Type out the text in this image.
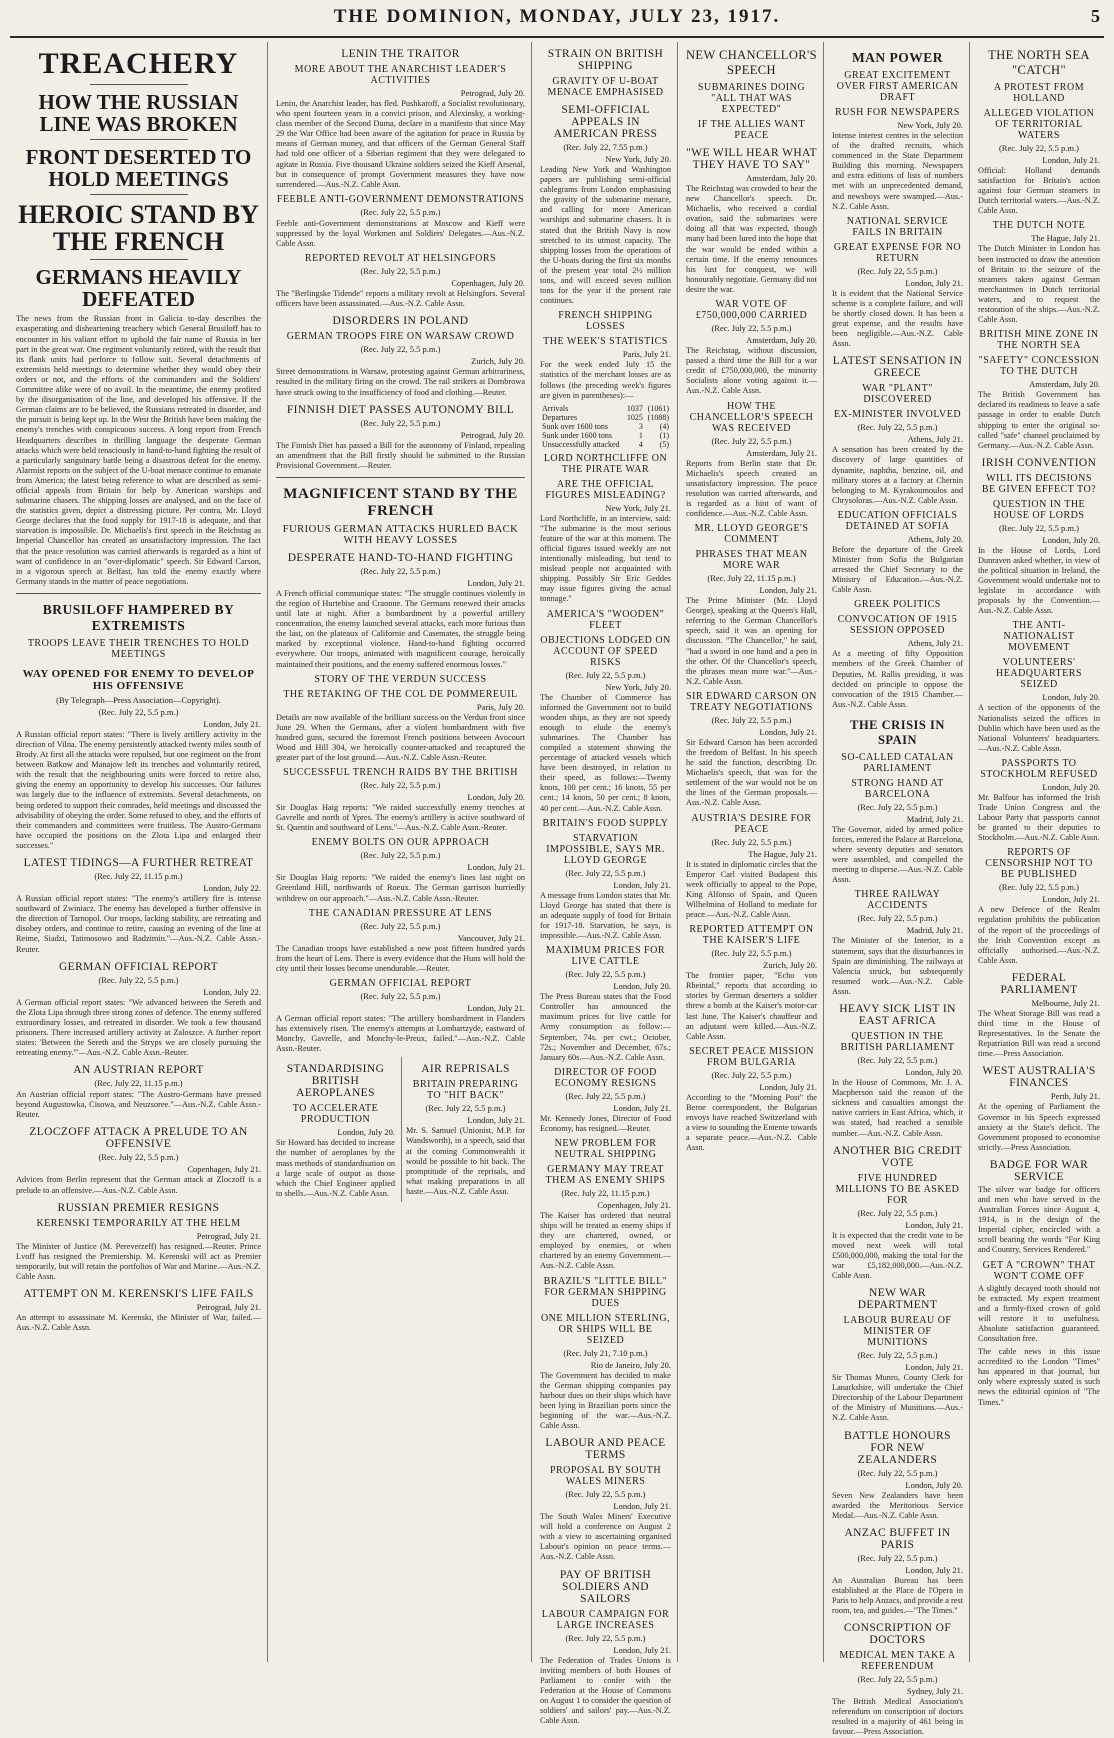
THE DOMINION, MONDAY, JULY 23, 1917.	5
TREACHERY
HOW THE RUSSIAN LINE WAS BROKEN
FRONT DESERTED TO HOLD MEETINGS
HEROIC STAND BY THE FRENCH
GERMANS HEAVILY DEFEATED

The news from the Russian front in Galicia to-day describes the exasperating and disheartening treachery which General Brusiloff has to encounter in his valiant effort to uphold the fair name of Russia in her part in the great war. One regiment voluntarily retired, with the result that its flank units had perforce to follow suit. Several detachments of extremists held meetings to determine whether they would obey their orders or not, and the efforts of the commanders and the Soldiers' Committee alike were of no avail. In the meantime, the enemy profited by the disorganisation of the line, and developed his offensive. If the German claims are to be believed, the Russians retreated in disorder, and the pursuit is being kept up. In the West the British have been making the enemy's trenches with conspicuous success. A long report from French Headquarters describes in thrilling language the desperate German attacks which were held tenaciously in hand-to-hand fighting the result of a particularly sanguinary battle being a disastrous defeat for the enemy. Alarmist reports on the subject of the U-boat menace continue to emanate from America; the latest being reference to what are described as semi-official appeals from Britain for help by American warships and submarine chasers. The shipping losses are analysed, and on the face of the statistics given, depict a distressing picture. Per contra, Mr. Lloyd George declares that the food supply for 1917-18 is adequate, and that starvation is impossible. Dr. Michaelis's first speech in the Reichstag as Imperial Chancellor has created an unsatisfactory impression. The fact that the peace resolution was carried afterwards is regarded as a hint of want of confidence in an "over-diplomatic" speech. Sir Edward Carson, in a vigorous speech at Belfast, has told the enemy exactly where Germany stands in the matter of peace negotiations.

BRUSILOFF HAMPERED BY EXTREMISTS
TROOPS LEAVE THEIR TRENCHES TO HOLD MEETINGS
WAY OPENED FOR ENEMY TO DEVELOP HIS OFFENSIVE
(By Telegraph—Press Association—Copyright).
(Rec. July 22, 5.5 p.m.)
London, July 21.

A Russian official report states: "There is lively artillery activity in the direction of Vilna. The enemy persistently attacked twenty miles south of Brody. At first all the attacks were repulsed, but one regiment on the front between Batkow and Manajow left its trenches and voluntarily retired, with the result that the neighbouring units were forced to retire also, giving the enemy an opportunity to develop his successes. Our failures was largely due to the influence of extremists. Several detachments, on being ordered to support their comrades, held meetings and discussed the advisability of obeying the order. Some refused to obey, and the efforts of their commanders and committees were fruitless. The Austro-Germans have occupied the positions on the Zlota Lipa and enlarged their successes."

LATEST TIDINGS—A FURTHER RETREAT
(Rec. July 22, 11.15 p.m.)
London, July 22.

A Russian official report states: "The enemy's artillery fire is intense southward of Zwiniacz. The enemy has developed a further offensive in the direction of Tarnopol. Our troops, lacking stability, are retreating and disobey orders, and continue to retire, causing an evening of the line at Reime, Siadzi, Tatimosowo and Radzimin."—Aus.-N.Z. Cable Assn.-Reuter.

GERMAN OFFICIAL REPORT
(Rec. July 22, 5.5 p.m.)
London, July 22.

A German official report states: "We advanced between the Sereth and the Zlota Lipa through three strong zones of defence. The enemy suffered extraordinary losses, and retreated in disorder. We took a few thousand prisoners. There increased artillery activity at Zaloszce. A further report states: 'Between the Sereth and the Stryps we are closely pursuing the retreating enemy.'"—Aus.-N.Z. Cable Assn.-Reuter.

AN AUSTRIAN REPORT
(Rec. July 22, 11.15 p.m.)

An Austrian official report states: "The Austro-Germans have pressed beyond Augustowka, Cisowa, and Neuzsoree."—Aus.-N.Z. Cable Assn.-Reuter.

ZLOCZOFF ATTACK A PRELUDE TO AN OFFENSIVE
(Rec. July 22, 5.5 p.m.)
Copenhagen, July 21.

Advices from Berlin represent that the German attack at Zloczoff is a prelude to an offensive.—Aus.-N.Z. Cable Assn.

RUSSIAN PREMIER RESIGNS
KERENSKI TEMPORARILY AT THE HELM
Petrograd, July 21.

The Minister of Justice (M. Pereverzeff) has resigned.—Reuter. Prince Lvoff has resigned the Premiership. M. Kerenski will act as Premier temporarily, but will retain the portfolios of War and Marine.—Aus.-N.Z. Cable Assn.

ATTEMPT ON M. KERENSKI'S LIFE FAILS
Petrograd, July 21.

An attempt to assassinate M. Kerenski, the Minister of War, failed.—Aus.-N.Z. Cable Assn.

LENIN THE TRAITOR
MORE ABOUT THE ANARCHIST LEADER'S ACTIVITIES
Petrograd, July 20.

Lenin, the Anarchist leader, has fled. Pushkaroff, a Socialist revolutionary, who spent fourteen years in a convict prison, and Alexinsky, a working-class member of the Second Duma, declare in a manifesto that since May 29 the War Office had been aware of the agitation for peace in Russia by means of German money, and that officers of the German General Staff had told one officer of a Siberian regiment that they were delegated to agitate in Russia. Five thousand Ukraine soldiers seized the Kieff Arsenal, but in consequence of prompt Government measures they have now surrendered.—Aus.-N.Z. Cable Assn.

FEEBLE ANTI-GOVERNMENT DEMONSTRATIONS
(Rec. July 22, 5.5 p.m.)

Feeble anti-Government demonstrations at Moscow and Kieff were suppressed by the loyal Workmen and Soldiers' Delegates.—Aus.-N.Z. Cable Assn.

REPORTED REVOLT AT HELSINGFORS
(Rec. July 22, 5.5 p.m.)
Copenhagen, July 20.

The "Berlingske Tidende" reports a military revolt at Helsingfors. Several officers have been assassinated.—Aus.-N.Z. Cable Assn.

DISORDERS IN POLAND
GERMAN TROOPS FIRE ON WARSAW CROWD
(Rec. July 22, 5.5 p.m.)
Zurich, July 20.

Street demonstrations in Warsaw, protesting against German arbitrariness, resulted in the military firing on the crowd. The rail strikers at Dombrowa have struck owing to the insufficiency of food and clothing.—Reuter.

FINNISH DIET PASSES AUTONOMY BILL
(Rec. July 22, 5.5 p.m.)
Petrograd, July 20.

The Finnish Diet has passed a Bill for the autonomy of Finland, repealing an amendment that the Bill firstly should be submitted to the Russian Provisional Government.—Reuter.

MAGNIFICENT STAND BY THE FRENCH
FURIOUS GERMAN ATTACKS HURLED BACK WITH HEAVY LOSSES
DESPERATE HAND-TO-HAND FIGHTING
(Rec. July 22, 5.5 p.m.)
London, July 21.

A French official communique states: "The struggle continues violently in the region of Hurtebise and Craonne. The Germans renewed their attacks until late at night. After a bombardment by a powerful artillery concentration, the enemy launched several attacks, each more furious than the last, on the plateaux of Californie and Casemates, the struggle being marked by exceptional violence. Hand-to-hand fighting occurred everywhere. Our troops, animated with magnificent courage, heroically maintained their positions, and the enemy suffered enormous losses."

STORY OF THE VERDUN SUCCESS
THE RETAKING OF THE COL DE POMMEREUIL
Paris, July 20.

Details are now available of the brilliant success on the Verdun front since June 29. When the Germans, after a violent bombardment with five hundred guns, secured the foremost French positions between Avocourt Wood and Hill 304, we heroically counter-attacked and recaptured the greater part of the lost ground.—Aus.-N.Z. Cable Assn.-Reuter.

SUCCESSFUL TRENCH RAIDS BY THE BRITISH
(Rec. July 22, 5.5 p.m.)
London, July 20.

Sir Douglas Haig reports: "We raided successfully enemy trenches at Gavrelle and north of Ypres. The enemy's artillery is active southward of St. Quentin and southward of Lens."—Aus.-N.Z. Cable Assn.-Reuter.

ENEMY BOLTS ON OUR APPROACH
(Rec. July 22, 5.5 p.m.)
London, July 21.

Sir Douglas Haig reports: "We raided the enemy's lines last night on Greenland Hill, northwards of Roeux. The German garrison hurriedly withdrew on our approach."—Aus.-N.Z. Cable Assn.-Reuter.

THE CANADIAN PRESSURE AT LENS
(Rec. July 22, 5.5 p.m.)
Vancouver, July 21.

The Canadian troops have established a new post fifteen hundred yards from the heart of Lens. There is every evidence that the Huns will hold the city until their losses become unendurable.—Reuter.

GERMAN OFFICIAL REPORT
(Rec. July 22, 5.5 p.m.)
London, July 21.

A German official report states: "The artillery bombardment in Flanders has extensively risen. The enemy's attempts at Lombartzyde, eastward of Monchy, Gavrelle, and Monchy-le-Preux, failed."—Aus.-N.Z. Cable Assn.-Reuter.

STANDARDISING BRITISH AEROPLANES
TO ACCELERATE PRODUCTION
London, July 20.

Sir Howard has decided to increase the number of aeroplanes by the mass methods of standardisation on a large scale of output as those which the Chief Engineer applied to shells.—Aus.-N.Z. Cable Assn.

AIR REPRISALS
BRITAIN PREPARING TO "HIT BACK"
(Rec. July 22, 5.5 p.m.)
London, July 21.

Mr. S. Samuel (Unionist, M.P. for Wandsworth), in a speech, said that at the coming Commonwealth it would be possible to hit back. The promptitude of the reprisals, and what making preparations in all haste.—Aus.-N.Z. Cable Assn.

STRAIN ON BRITISH SHIPPING
GRAVITY OF U-BOAT MENACE EMPHASISED
SEMI-OFFICIAL APPEALS IN AMERICAN PRESS
(Rec. July 22, 7.55 p.m.)
New York, July 20.

Leading New York and Washington papers are publishing semi-official cablegrams from London emphasising the gravity of the submarine menace, and calling for more American warships and submarine chasers. It is stated that the British Navy is now stretched to its utmost capacity. The shipping losses from the operations of the U-boats during the first six months of the present year total 2½ million tons, and will exceed seven million tons for the year if the present rate continues.

FRENCH SHIPPING LOSSES
THE WEEK'S STATISTICS
Paris, July 21.

For the week ended July 15 the statistics of the merchant losses are as follows (the preceding week's figures are given in parentheses):—

Arrivals	1037	(1061)
Departures	1025	(1088)
Sunk over 1600 tons	3	(4)
Sunk under 1600 tons	1	(1)
Unsuccessfully attacked	4	(5)
LORD NORTHCLIFFE ON THE PIRATE WAR
ARE THE OFFICIAL FIGURES MISLEADING?
New York, July 21.

Lord Northcliffe, in an interview, said: "The submarine is the most serious feature of the war at this moment. The official figures issued weekly are not intentionally misleading, but tend to mislead people not acquainted with shipping. Possibly Sir Eric Geddes may issue figures giving the actual tonnage."

AMERICA'S "WOODEN" FLEET
OBJECTIONS LODGED ON ACCOUNT OF SPEED RISKS
(Rec. July 22, 5.5 p.m.)
New York, July 20.

The Chamber of Commerce has informed the Government not to build wooden ships, as they are not speedy enough to elude the enemy's submarines. The Chamber has compiled a statement showing the percentage of attacked vessels which have been destroyed, in relation to their speed, as follows:—Twenty knots, 100 per cent.; 16 knots, 55 per cent.; 14 knots, 50 per cent.; 8 knots, 40 per cent.—Aus.-N.Z. Cable Assn.

BRITAIN'S FOOD SUPPLY
STARVATION IMPOSSIBLE, SAYS MR. LLOYD GEORGE
(Rec. July 22, 5.5 p.m.)
London, July 21.

A message from London states that Mr. Lloyd George has stated that there is an adequate supply of food for Britain for 1917-18. Starvation, he says, is impossible.—Aus.-N.Z. Cable Assn.

MAXIMUM PRICES FOR LIVE CATTLE
(Rec. July 22, 5.5 p.m.)
London, July 20.

The Press Bureau states that the Food Controller has announced the maximum prices for live cattle for Army consumption as follow:—September, 74s. per cwt.; October, 72s.; November and December, 67s.; January 60s.—Aus.-N.Z. Cable Assn.

DIRECTOR OF FOOD ECONOMY RESIGNS
(Rec. July 22, 5.5 p.m.)
London, July 21.

Mr. Kennedy Jones, Director of Food Economy, has resigned.—Reuter.

NEW PROBLEM FOR NEUTRAL SHIPPING
GERMANY MAY TREAT THEM AS ENEMY SHIPS
(Rec. July 22, 11.15 p.m.)
Copenhagen, July 21.

The Kaiser has ordered that neutral ships will be treated as enemy ships if they are chartered, owned, or employed by enemies, or when chartered by an enemy Government.—Aus.-N.Z. Cable Assn.

BRAZIL'S "LITTLE BILL" FOR GERMAN SHIPPING DUES
ONE MILLION STERLING, OR SHIPS WILL BE SEIZED
(Rec. July 21, 7.10 p.m.)
Rio de Janeiro, July 20.

The Government has decided to make the German shipping companies pay harbour dues on their ships which have been lying in Brazilian ports since the beginning of the war.—Aus.-N.Z. Cable Assn.

LABOUR AND PEACE TERMS
PROPOSAL BY SOUTH WALES MINERS
(Rec. July 22, 5.5 p.m.)
London, July 21.

The South Wales Miners' Executive will hold a conference on August 2 with a view to ascertaining organised Labour's opinion on peace terms.—Aus.-N.Z. Cable Assn.

PAY OF BRITISH SOLDIERS AND SAILORS
LABOUR CAMPAIGN FOR LARGE INCREASES
(Rec. July 22, 5.5 p.m.)
London, July 21.

The Federation of Trades Unions is inviting members of both Houses of Parliament to confer with the Federation at the House of Commons on August 1 to consider the question of soldiers' and sailors' pay.—Aus.-N.Z. Cable Assn.

NEW CHANCELLOR'S SPEECH
SUBMARINES DOING "ALL THAT WAS EXPECTED"
IF THE ALLIES WANT PEACE
"WE WILL HEAR WHAT THEY HAVE TO SAY"
Amsterdam, July 20.

The Reichstag was crowded to hear the new Chancellor's speech. Dr. Michaelis, who received a cordial ovation, said the submarines were doing all that was expected, though many had been lured into the hope that the war would be ended within a certain time. If the enemy renounces his lust for conquest, we will honourably negotiate. Germany did not desire the war.

WAR VOTE OF £750,000,000 CARRIED
(Rec. July 22, 5.5 p.m.)
Amsterdam, July 20.

The Reichstag, without discussion, passed a third time the Bill for a war credit of £750,000,000, the minority Socialists alone voting against it.—Aus.-N.Z. Cable Assn.

HOW THE CHANCELLOR'S SPEECH WAS RECEIVED
(Rec. July 22, 5.5 p.m.)
Amsterdam, July 21.

Reports from Berlin state that Dr. Michaelis's speech created an unsatisfactory impression. The peace resolution was carried afterwards, and is regarded as a hint of want of confidence.—Aus.-N.Z. Cable Assn.

MR. LLOYD GEORGE'S COMMENT
PHRASES THAT MEAN MORE WAR
(Rec. July 22, 11.15 p.m.)
London, July 21.

The Prime Minister (Mr. Lloyd George), speaking at the Queen's Hall, referring to the German Chancellor's speech, said it was an opening for discussion. "The Chancellor," he said, "had a sword in one hand and a pen in the other. Of the Chancellor's speech, the phrases mean more war."—Aus.-N.Z. Cable Assn.

SIR EDWARD CARSON ON TREATY NEGOTIATIONS
(Rec. July 22, 5.5 p.m.)
London, July 21.

Sir Edward Carson has been accorded the freedom of Belfast. In his speech he said the function, describing Dr. Michaelis's speech, that was for the settlement of the war would not be on the lines of the German proposals.—Aus.-N.Z. Cable Assn.

AUSTRIA'S DESIRE FOR PEACE
(Rec. July 22, 5.5 p.m.)
The Hague, July 21.

It is stated in diplomatic circles that the Emperor Carl visited Budapest this week officially to appeal to the Pope, King Alfonso of Spain, and Queen Wilhelmina of Holland to mediate for peace.—Aus.-N.Z. Cable Assn.

REPORTED ATTEMPT ON THE KAISER'S LIFE
(Rec. July 22, 5.5 p.m.)
Zurich, July 20.

The frontier paper, "Echo von Rheintal," reports that according to stories by German deserters a soldier threw a bomb at the Kaiser's motor-car last June. The Kaiser's chauffeur and an adjutant were killed.—Aus.-N.Z. Cable Assn.

SECRET PEACE MISSION FROM BULGARIA
(Rec. July 22, 5.5 p.m.)
London, July 21.

According to the "Morning Post" the Berne correspondent, the Bulgarian envoys have reached Switzerland with a view to sounding the Entente towards a separate peace.—Aus.-N.Z. Cable Assn.

MAN POWER
GREAT EXCITEMENT OVER FIRST AMERICAN DRAFT
RUSH FOR NEWSPAPERS
New York, July 20.

Intense interest centres in the selection of the drafted recruits, which commenced in the State Department Building this morning. Newspapers and extra editions of lists of numbers met with an unprecedented demand, and newsboys were swamped.—Aus.-N.Z. Cable Assn.

NATIONAL SERVICE FAILS IN BRITAIN
GREAT EXPENSE FOR NO RETURN
(Rec. July 22, 5.5 p.m.)
London, July 21.

It is evident that the National Service scheme is a complete failure, and will be shortly closed down. It has been a great expense, and the results have been negligible.—Aus.-N.Z. Cable Assn.

LATEST SENSATION IN GREECE
WAR "PLANT" DISCOVERED
EX-MINISTER INVOLVED
(Rec. July 22, 5.5 p.m.)
Athens, July 21.

A sensation has been created by the discovery of large quantities of dynamite, naphtha, benzine, oil, and military stores at a factory at Chernin belonging to M. Kyrakoumoulos and Chrysoloras.—Aus.-N.Z. Cable Assn.

EDUCATION OFFICIALS DETAINED AT SOFIA
Athens, July 20.

Before the departure of the Greek Minister from Sofia the Bulgarian arrested the Chief Secretary to the Ministry of Education.—Aus.-N.Z. Cable Assn.

GREEK POLITICS
CONVOCATION OF 1915 SESSION OPPOSED
Athens, July 21.

At a meeting of fifty Opposition members of the Greek Chamber of Deputies, M. Rallis presiding, it was decided on principle to oppose the convocation of the 1915 Chamber.—Aus.-N.Z. Cable Assn.

THE CRISIS IN SPAIN
SO-CALLED CATALAN PARLIAMENT
STRONG HAND AT BARCELONA
(Rec. July 22, 5.5 p.m.)
Madrid, July 21.

The Governor, aided by armed police forces, entered the Palace at Barcelona, where seventy deputies and senators were assembled, and compelled the meeting to disperse.—Aus.-N.Z. Cable Assn.

THREE RAILWAY ACCIDENTS
(Rec. July 22, 5.5 p.m.)
Madrid, July 21.

The Minister of the Interior, in a statement, says that the disturbances in Spain are diminishing. The railways at Valencia struck, but subsequently resumed work.—Aus.-N.Z. Cable Assn.

HEAVY SICK LIST IN EAST AFRICA
QUESTION IN THE BRITISH PARLIAMENT
(Rec. July 22, 5.5 p.m.)
London, July 20.

In the House of Commons, Mr. J. A. Macpherson said the reason of the sickness and casualties amongst the native carriers in East Africa, which, it was stated, had reached a sensible number.—Aus.-N.Z. Cable Assn.

ANOTHER BIG CREDIT VOTE
FIVE HUNDRED MILLIONS TO BE ASKED FOR
(Rec. July 22, 5.5 p.m.)
London, July 21.

It is expected that the credit vote to be moved next week will total £500,000,000, making the total for the war £5,182,000,000.—Aus.-N.Z. Cable Assn.

NEW WAR DEPARTMENT
LABOUR BUREAU OF MINISTER OF MUNITIONS
(Rec. July 22, 5.5 p.m.)
London, July 21.

Sir Thomas Munro, County Clerk for Lanarkshire, will undertake the Chief Directorship of the Labour Department of the Ministry of Munitions.—Aus.-N.Z. Cable Assn.

BATTLE HONOURS FOR NEW ZEALANDERS
(Rec. July 22, 5.5 p.m.)
London, July 20.

Seven New Zealanders have been awarded the Meritorious Service Medal.—Aus.-N.Z. Cable Assn.

ANZAC BUFFET IN PARIS
(Rec. July 22, 5.5 p.m.)
London, July 21.

An Australian Bureau has been established at the Place de l'Opera in Paris to help Anzacs, and provide a rest room, tea, and guides.—"The Times."

CONSCRIPTION OF DOCTORS
MEDICAL MEN TAKE A REFERENDUM
(Rec. July 22, 5.5 p.m.)
Sydney, July 21.

The British Medical Association's referendum on conscription of doctors resulted in a majority of 461 being in favour.—Press Association.

THE NORTH SEA "CATCH"
A PROTEST FROM HOLLAND
ALLEGED VIOLATION OF TERRITORIAL WATERS
(Rec. July 22, 5.5 p.m.)
London, July 21.

Official: Holland demands satisfaction for Britain's action against four German steamers in Dutch territorial waters.—Aus.-N.Z. Cable Assn.

THE DUTCH NOTE
The Hague, July 21.

The Dutch Minister in London has been instructed to draw the attention of Britain to the seizure of the steamers taken against German merchantmen in Dutch territorial waters, and to request the restoration of the ships.—Aus.-N.Z. Cable Assn.

BRITISH MINE ZONE IN THE NORTH SEA
"SAFETY" CONCESSION TO THE DUTCH
Amsterdam, July 20.

The British Government has declared its readiness to leave a safe passage in order to enable Dutch shipping to enter the original so-called "safe" channel proclaimed by Germany.—Aus.-N.Z. Cable Assn.

IRISH CONVENTION
WILL ITS DECISIONS BE GIVEN EFFECT TO?
QUESTION IN THE HOUSE OF LORDS
(Rec. July 22, 5.5 p.m.)
London, July 20.

In the House of Lords, Lord Dunraven asked whether, in view of the political situation in Ireland, the Government would undertake not to legislate in accordance with proposals by the Convention.—Aus.-N.Z. Cable Assn.

THE ANTI-NATIONALIST MOVEMENT
VOLUNTEERS' HEADQUARTERS SEIZED
London, July 20.

A section of the opponents of the Nationalists seized the offices in Dublin which have been used as the National Volunteers' headquarters.—Aus.-N.Z. Cable Assn.

PASSPORTS TO STOCKHOLM REFUSED
London, July 20.

Mr. Balfour has informed the Irish Trade Union Congress and the Labour Party that passports cannot be granted to their deputies to Stockholm.—Aus.-N.Z. Cable Assn.

REPORTS OF CENSORSHIP NOT TO BE PUBLISHED
(Rec. July 22, 5.5 p.m.)
London, July 21.

A new Defence of the Realm regulation prohibits the publication of the report of the proceedings of the Irish Convention except as officially authorised.—Aus.-N.Z. Cable Assn.

FEDERAL PARLIAMENT
Melbourne, July 21.

The Wheat Storage Bill was read a third time in the House of Representatives. In the Senate the Repatriation Bill was read a second time.—Press Association.

WEST AUSTRALIA'S FINANCES
Perth, July 21.

At the opening of Parliament the Governor in his Speech expressed anxiety at the State's deficit. The Government proposed to economise strictly.—Press Association.

BADGE FOR WAR SERVICE

The silver war badge for officers and men who have served in the Australian Forces since August 4, 1914, is in the design of the Imperial cipher, encircled with a scroll bearing the words "For King and Country, Services Rendered."

GET A "CROWN" THAT WON'T COME OFF

A slightly decayed tooth should not be extracted. My expert treatment and a firmly-fixed crown of gold will restore it to usefulness. Absolute satisfaction guaranteed. Consultation free.

The cable news in this issue accredited to the London "Times" has appeared in that journal, but only where expressly stated is such news the editorial opinion of "The Times."
